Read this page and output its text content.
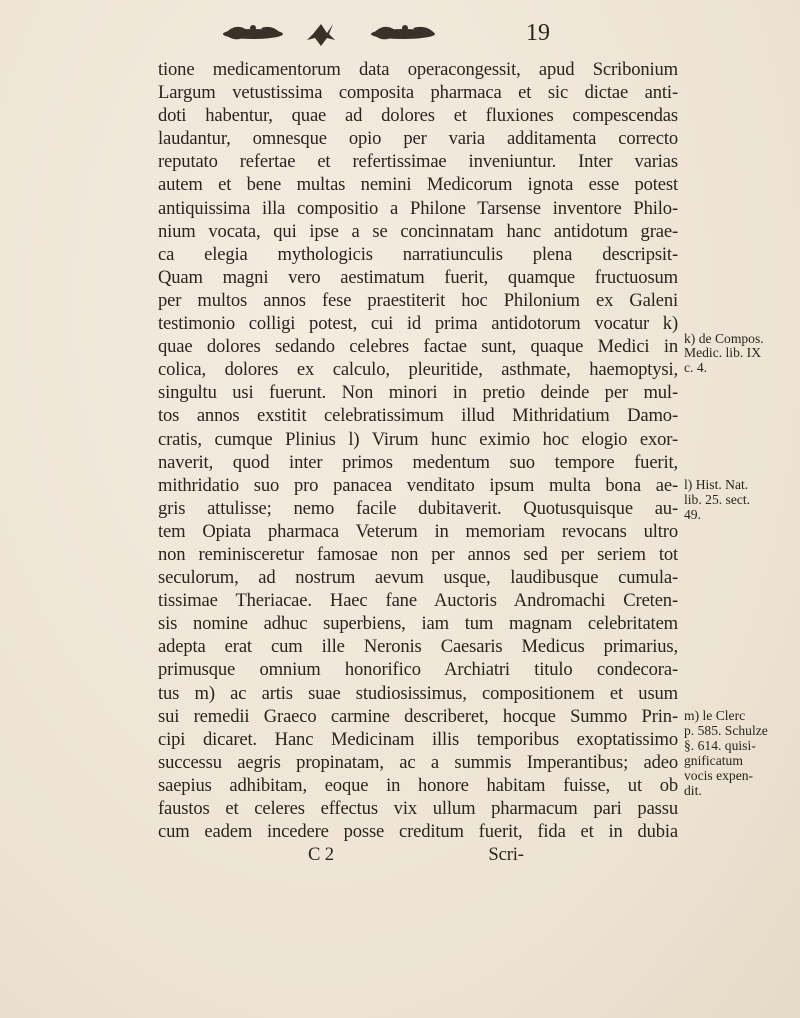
19
tione medicamentorum data operacongessit, apud Scribonium
Largum vetustissima composita pharmaca et sic dictae anti-
doti habentur, quae ad dolores et fluxiones compescendas
laudantur, omnesque opio per varia additamenta correcto
reputato refertae et refertissimae inveniuntur. Inter varias
autem et bene multas nemini Medicorum ignota esse potest
antiquissima illa compositio a Philone Tarsense inventore Philo-
nium vocata, qui ipse a se concinnatam hanc antidotum grae-
ca elegia mythologicis narratiunculis plena descripsit-
Quam magni vero aestimatum fuerit, quamque fructuosum
per multos annos fese praestiterit hoc Philonium ex Galeni
testimonio colligi potest, cui id prima antidotorum vocatur k)
quae dolores sedando celebres factae sunt, quaque Medici in
colica, dolores ex calculo, pleuritide, asthmate, haemoptysi,
singultu usi fuerunt. Non minori in pretio deinde per mul-
tos annos exstitit celebratissimum illud Mithridatium Damo-
cratis, cumque Plinius l) Virum hunc eximio hoc elogio exor-
naverit, quod inter primos medentum suo tempore fuerit,
mithridatio suo pro panacea venditato ipsum multa bona ae-
gris attulisse; nemo facile dubitaverit. Quotusquisque au-
tem Opiata pharmaca Veterum in memoriam revocans ultro
non reminisceretur famosae non per annos sed per seriem tot
seculorum, ad nostrum aevum usque, laudibusque cumula-
tissimae Theriacae. Haec fane Auctoris Andromachi Creten-
sis nomine adhuc superbiens, iam tum magnam celebritatem
adepta erat cum ille Neronis Caesaris Medicus primarius,
primusque omnium honorifico Archiatri titulo condecora-
tus m) ac artis suae studiosissimus, compositionem et usum
sui remedii Graeco carmine describeret, hocque Summo Prin-
cipi dicaret. Hanc Medicinam illis temporibus exoptatissimo
successu aegris propinatam, ac a summis Imperantibus; adeo
saepius adhibitam, eoque in honore habitam fuisse, ut ob
faustos et celeres effectus vix ullum pharmacum pari passu
cum eadem incedere posse creditum fuerit, fida et in dubia
C 2	Scri-
k) de Compos.
Medic. lib. IX
c. 4.
l) Hist. Nat.
lib. 25. sect.
49.
m) le Clerc
p. 585. Schulze
§. 614. quisi-
gnificatum
vocis expen-
dit.
